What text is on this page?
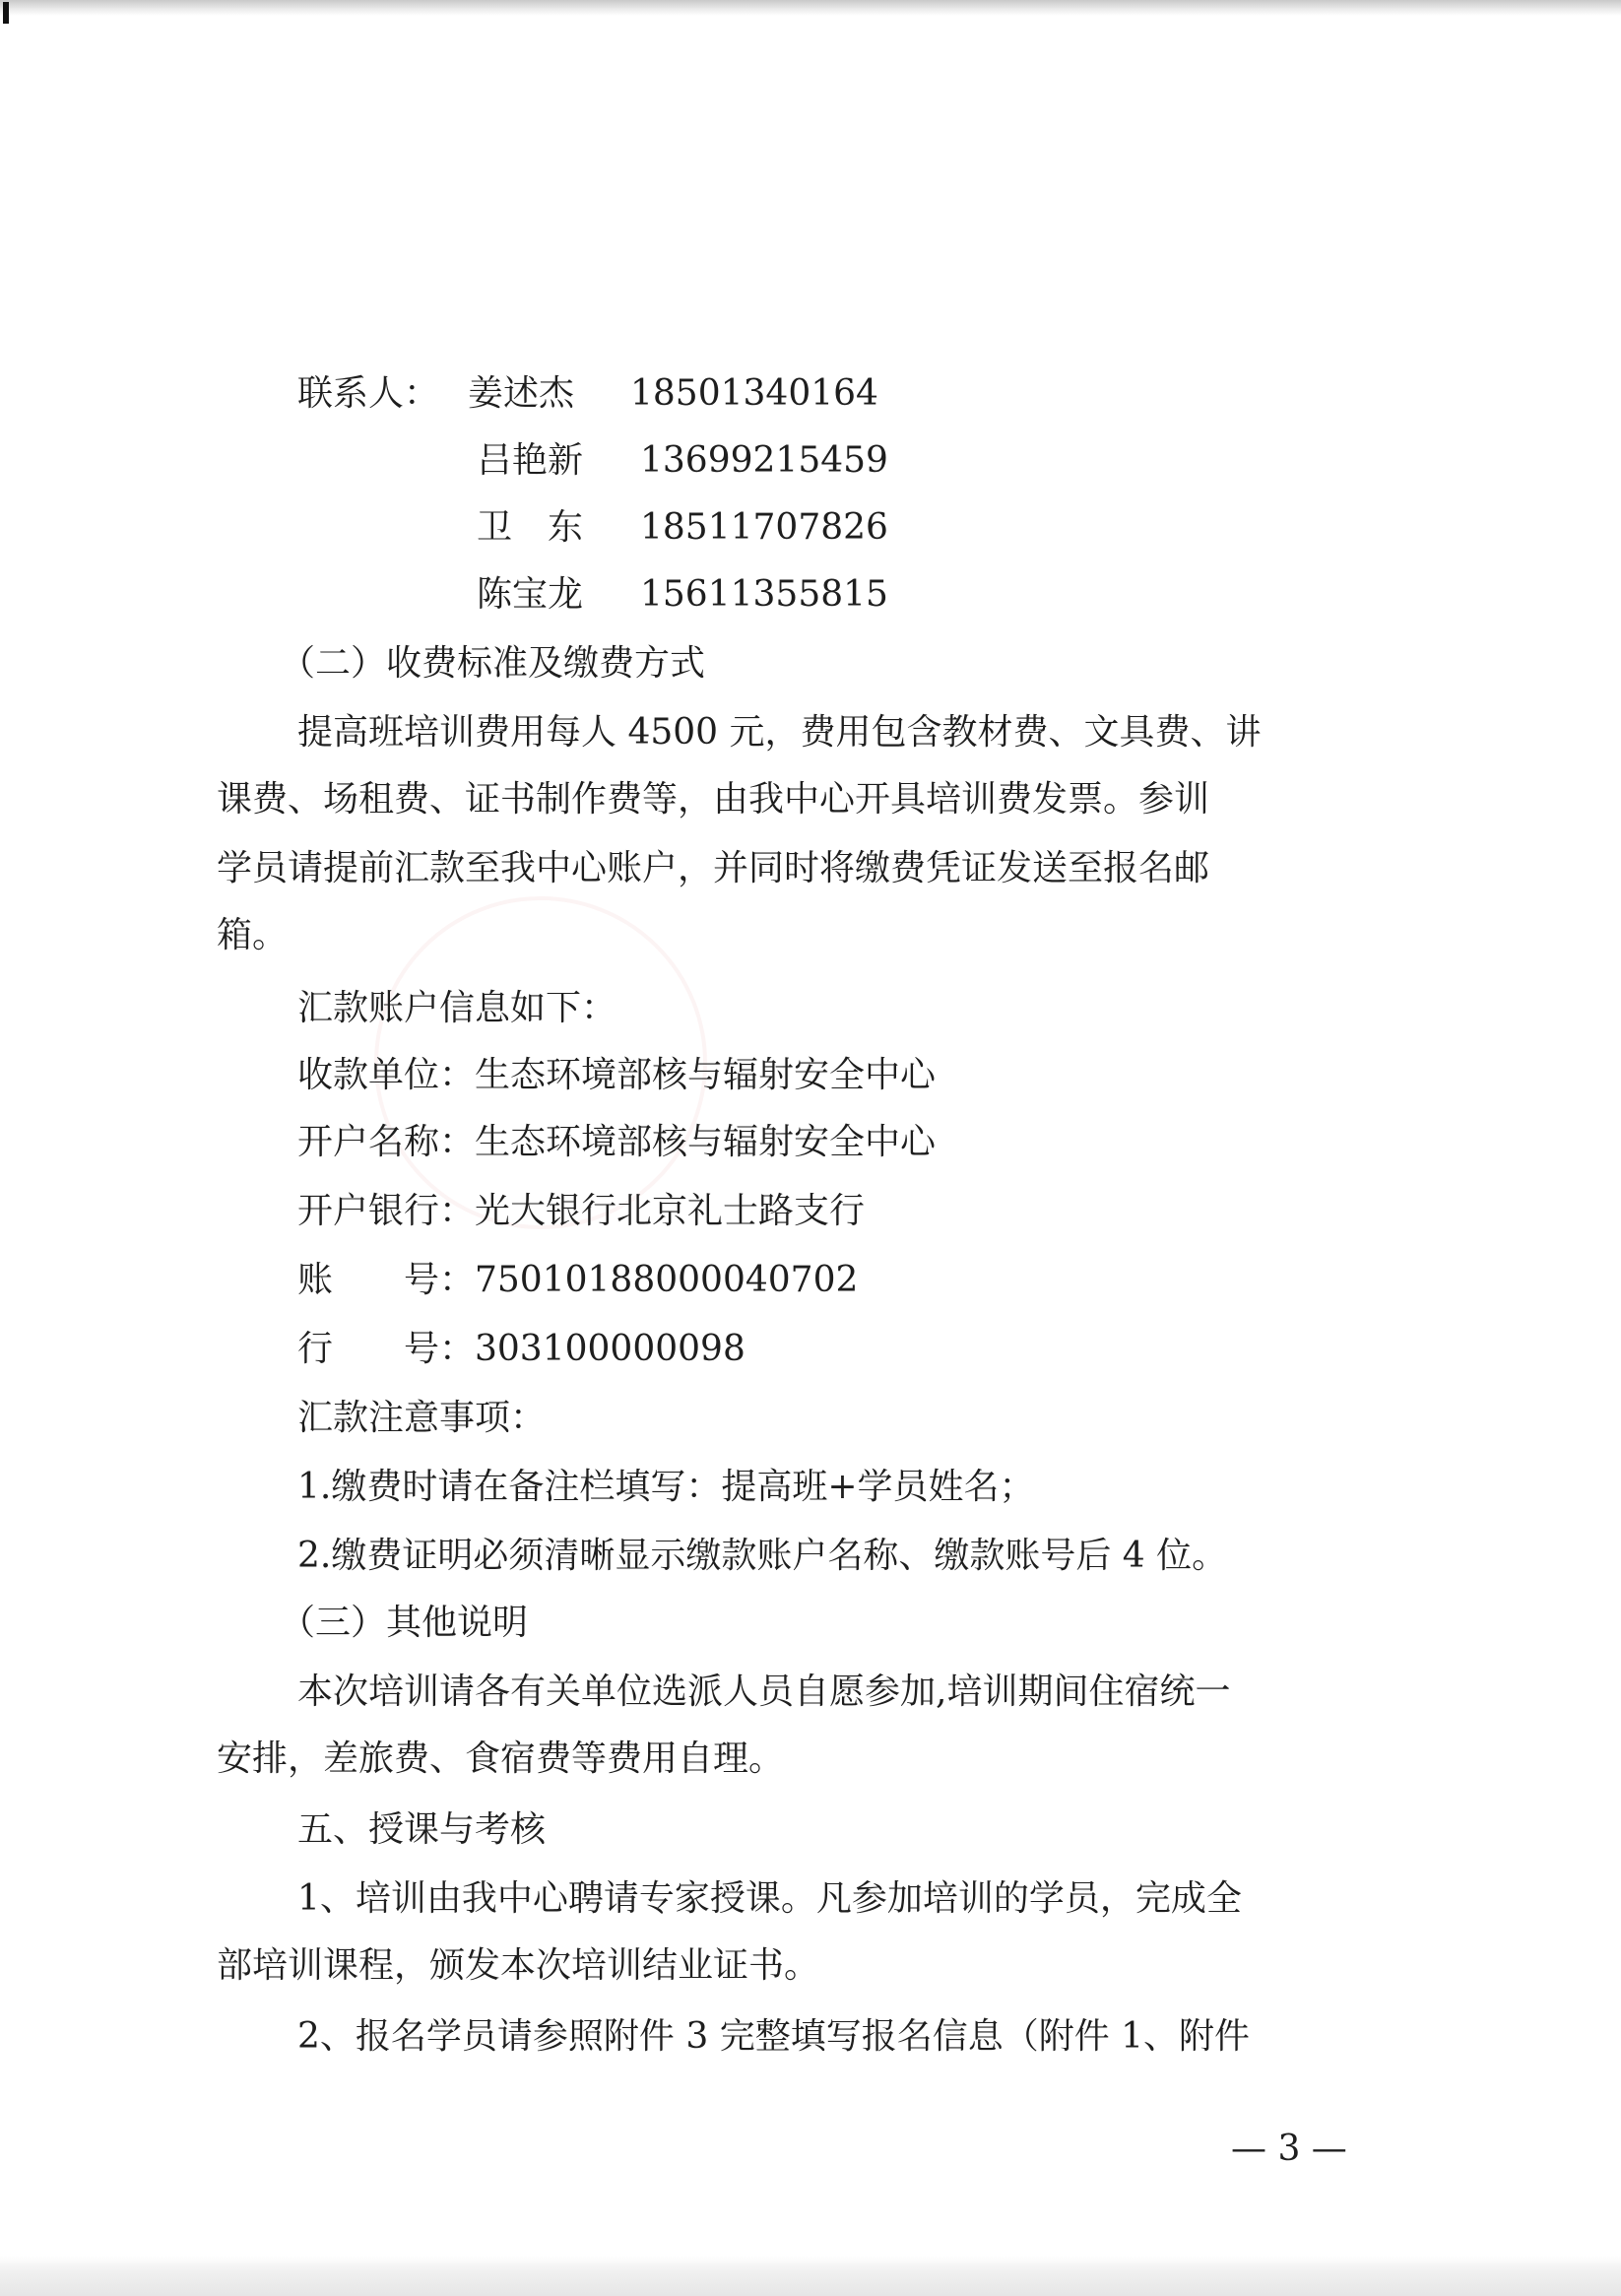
联系人： 姜述杰 18501340164
吕艳新 13699215459
卫　东 18511707826
陈宝龙 15611355815
（二）收费标准及缴费方式
提高班培训费用每人 4500 元，费用包含教材费、文具费、讲
课费、场租费、证书制作费等，由我中心开具培训费发票。参训
学员请提前汇款至我中心账户，并同时将缴费凭证发送至报名邮
箱。
汇款账户信息如下：
收款单位：生态环境部核与辐射安全中心
开户名称：生态环境部核与辐射安全中心
开户银行：光大银行北京礼士路支行
账　　号：75010188000040702
行　　号：303100000098
汇款注意事项：
1.缴费时请在备注栏填写：提高班+学员姓名；
2.缴费证明必须清晰显示缴款账户名称、缴款账号后 4 位。
（三）其他说明
本次培训请各有关单位选派人员自愿参加,培训期间住宿统一
安排，差旅费、食宿费等费用自理。
五、授课与考核
1、培训由我中心聘请专家授课。凡参加培训的学员，完成全
部培训课程，颁发本次培训结业证书。
2、报名学员请参照附件 3 完整填写报名信息（附件 1、附件
— 3 —
